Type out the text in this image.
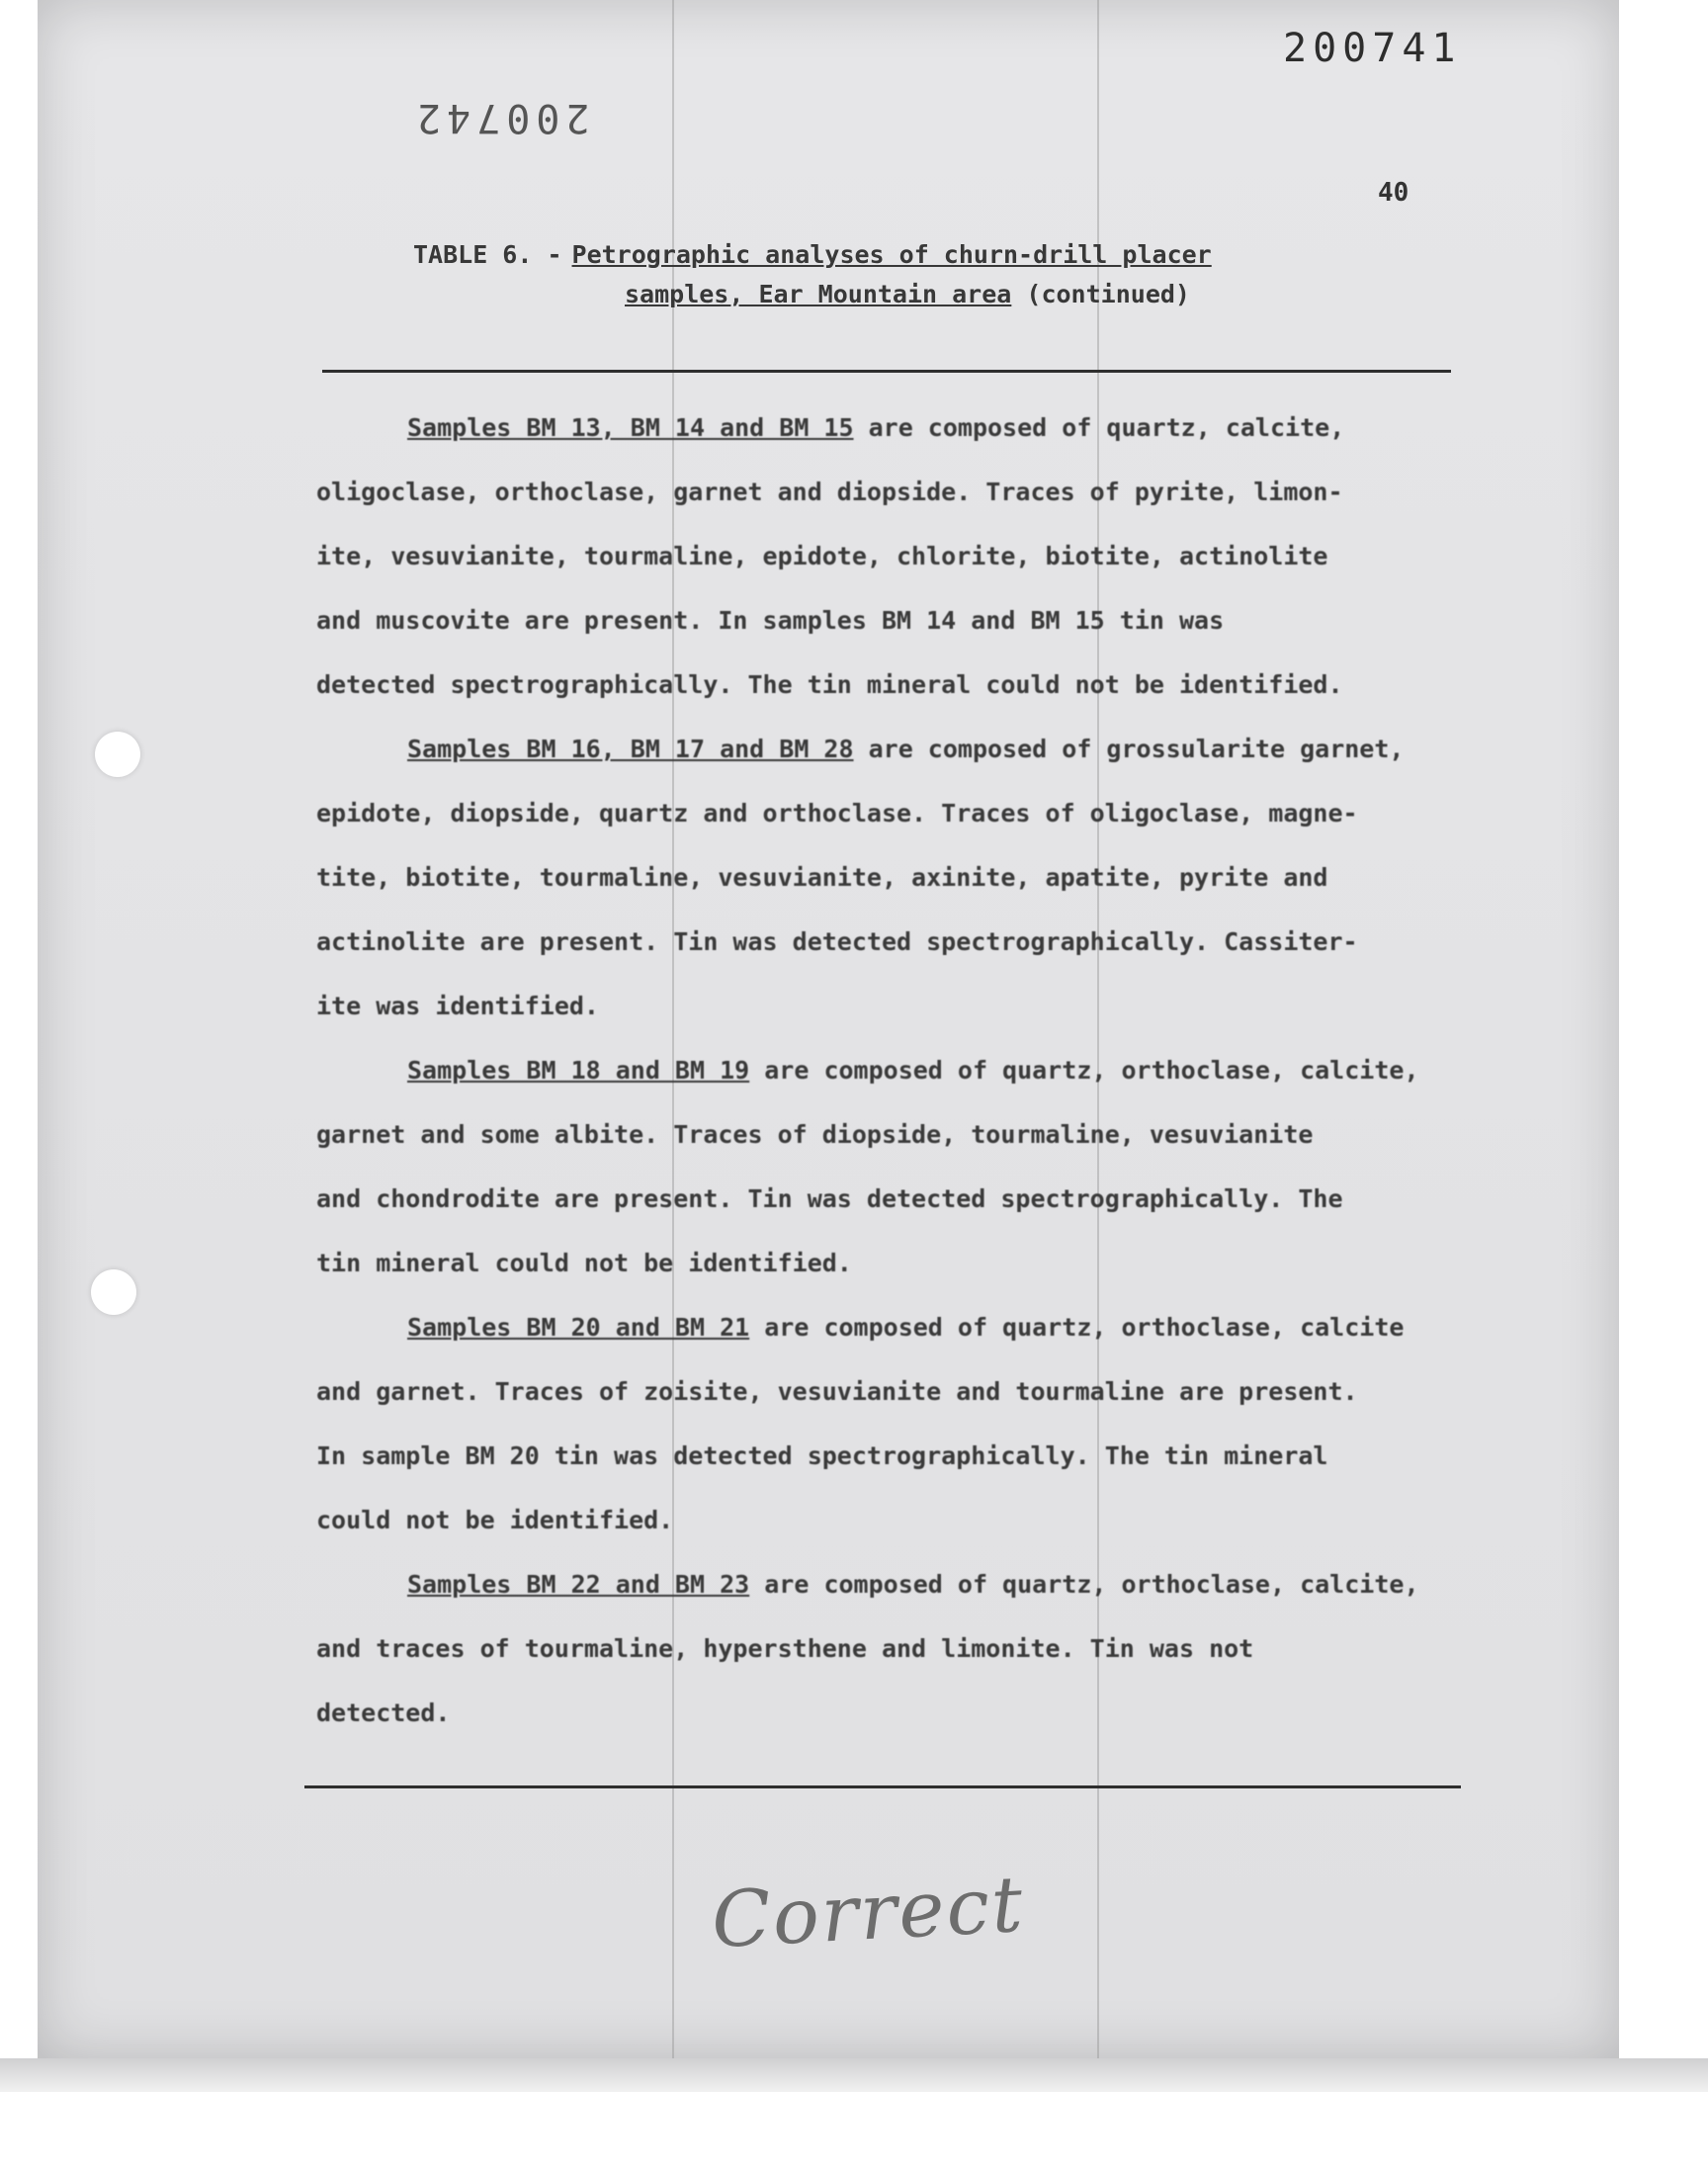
200741
200742
40
TABLE 6. - Petrographic analyses of churn-drill placer
samples, Ear Mountain area (continued)
Samples BM 13, BM 14 and BM 15 are composed of quartz, calcite,
oligoclase, orthoclase, garnet and diopside. Traces of pyrite, limon-
ite, vesuvianite, tourmaline, epidote, chlorite, biotite, actinolite
and muscovite are present. In samples BM 14 and BM 15 tin was
detected spectrographically. The tin mineral could not be identified.
Samples BM 16, BM 17 and BM 28 are composed of grossularite garnet,
epidote, diopside, quartz and orthoclase. Traces of oligoclase, magne-
tite, biotite, tourmaline, vesuvianite, axinite, apatite, pyrite and
actinolite are present. Tin was detected spectrographically. Cassiter-
ite was identified.
Samples BM 18 and BM 19 are composed of quartz, orthoclase, calcite,
garnet and some albite. Traces of diopside, tourmaline, vesuvianite
and chondrodite are present. Tin was detected spectrographically. The
tin mineral could not be identified.
Samples BM 20 and BM 21 are composed of quartz, orthoclase, calcite
and garnet. Traces of zoisite, vesuvianite and tourmaline are present.
In sample BM 20 tin was detected spectrographically. The tin mineral
could not be identified.
Samples BM 22 and BM 23 are composed of quartz, orthoclase, calcite,
and traces of tourmaline, hypersthene and limonite. Tin was not
detected.
Correct
